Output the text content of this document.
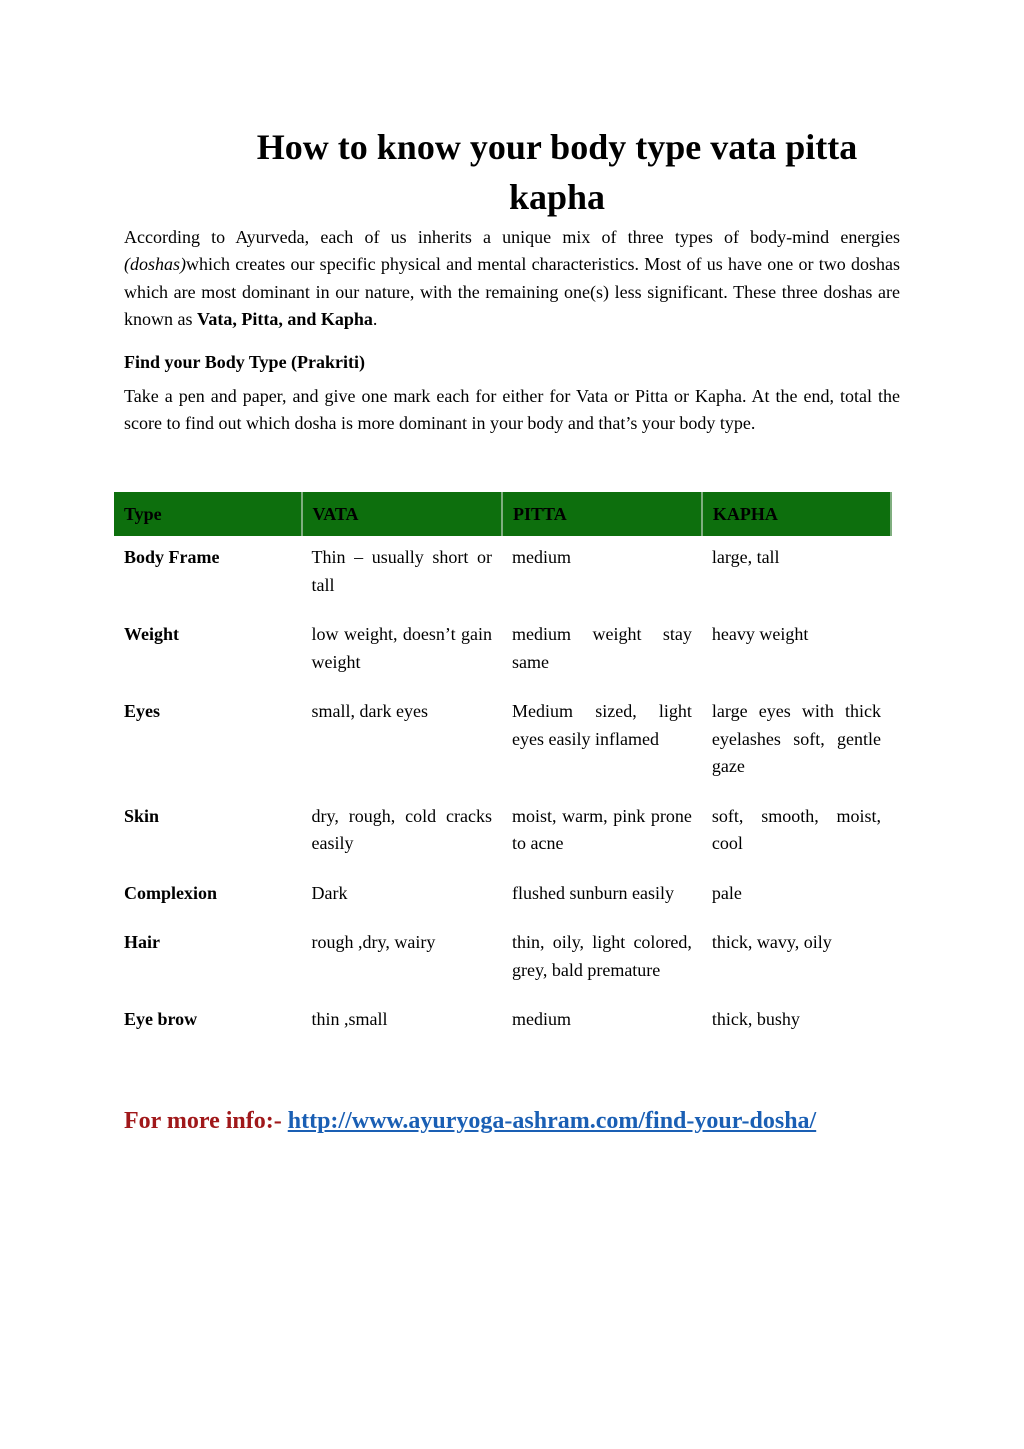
How to know your body type vata pitta kapha

According to Ayurveda, each of us inherits a unique mix of three types of body-mind energies (doshas)which creates our specific physical and mental characteristics. Most of us have one or two doshas which are most dominant in our nature, with the remaining one(s) less significant. These three doshas are known as Vata, Pitta, and Kapha.

Find your Body Type (Prakriti)

Take a pen and paper, and give one mark each for either for Vata or Pitta or Kapha. At the end, total the score to find out which dosha is more dominant in your body and that’s your body type.

Type	VATA	PITTA	KAPHA
Body Frame	Thin – usually short or tall	medium	large, tall
Weight	low weight, doesn’t gain weight	medium weight stay same	heavy weight
Eyes	small, dark eyes	Medium sized, light eyes easily inflamed	large eyes with thick eyelashes soft, gentle gaze
Skin	dry, rough, cold cracks easily	moist, warm, pink prone to acne	soft, smooth, moist, cool
Complexion	Dark	flushed sunburn easily	pale
Hair	rough ,dry, wairy	thin, oily, light colored, grey, bald premature	thick, wavy, oily
Eye brow	thin ,small	medium	thick, bushy

For more info:- http://www.ayuryoga-ashram.com/find-your-dosha/
